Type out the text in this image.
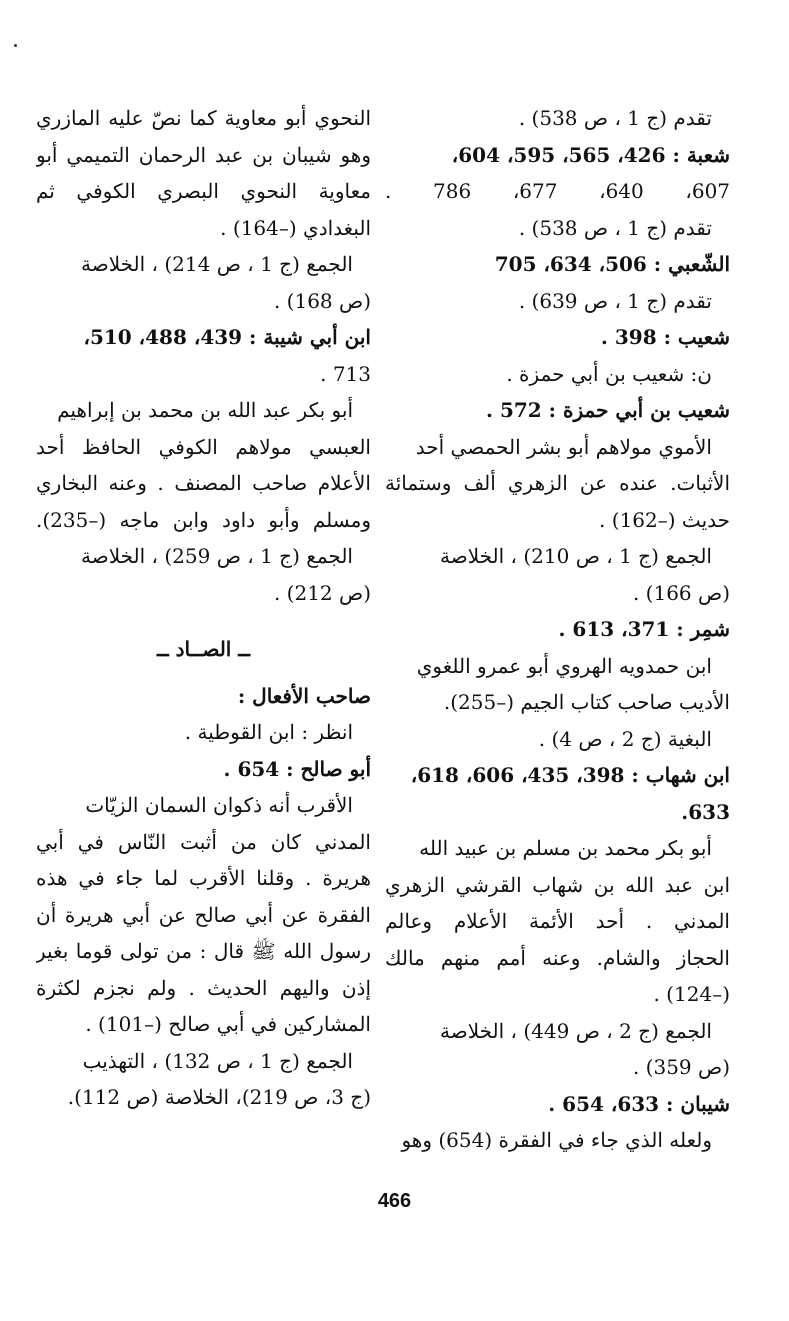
تقدم (ج 1 ، ص 538) .
شعبة : 426، 565، 595، 604،
607، 640، 677، 786 .
تقدم (ج 1 ، ص 538) .
الشّعبي : 506، 634، 705
تقدم (ج 1 ، ص 639) .
شعيب : 398 .
ن: شعيب بن أبي حمزة .
شعيب بن أبي حمزة : 572 .
الأموي مولاهم أبو بشر الحمصي أحد
الأثبات. عنده عن الزهري ألف وستمائة
حديث (–162) .
الجمع (ج 1 ، ص 210) ، الخلاصة
(ص 166) .
شمِر : 371، 613 .
ابن حمدويه الهروي أبو عمرو اللغوي
الأديب صاحب كتاب الجيم (–255).
البغية (ج 2 ، ص 4) .
ابن شهاب : 398، 435، 606، 618،
633.
أبو بكر محمد بن مسلم بن عبيد الله
ابن عبد الله بن شهاب القرشي الزهري
المدني . أحد الأئمة الأعلام وعالم
الحجاز والشام. وعنه أمم منهم مالك
(–124) .
الجمع (ج 2 ، ص 449) ، الخلاصة
(ص 359) .
شيبان : 633، 654 .
ولعله الذي جاء في الفقرة (654) وهو
النحوي أبو معاوية كما نصّ عليه المازري
وهو شيبان بن عبد الرحمان التميمي أبو
معاوية النحوي البصري الكوفي ثم
البغدادي (–164) .
الجمع (ج 1 ، ص 214) ، الخلاصة
(ص 168) .
ابن أبي شيبة : 439، 488، 510،
713 .
أبو بكر عبد الله بن محمد بن إبراهيم
العبسي مولاهم الكوفي الحافظ أحد
الأعلام صاحب المصنف . وعنه البخاري
ومسلم وأبو داود وابن ماجه (–235).
الجمع (ج 1 ، ص 259) ، الخلاصة
(ص 212) .
ــ الصــاد ــ
صاحب الأفعال :
انظر : ابن القوطية .
أبو صالح : 654 .
الأقرب أنه ذكوان السمان الزيّات
المدني كان من أثبت النّاس في أبي
هريرة . وقلنا الأقرب لما جاء في هذه
الفقرة عن أبي صالح عن أبي هريرة أن
رسول الله ﷺ قال : من تولى قوما بغير
إذن واليهم الحديث . ولم نجزم لكثرة
المشاركين في أبي صالح (–101) .
الجمع (ج 1 ، ص 132) ، التهذيب
(ج 3، ص 219)، الخلاصة (ص 112).
466
